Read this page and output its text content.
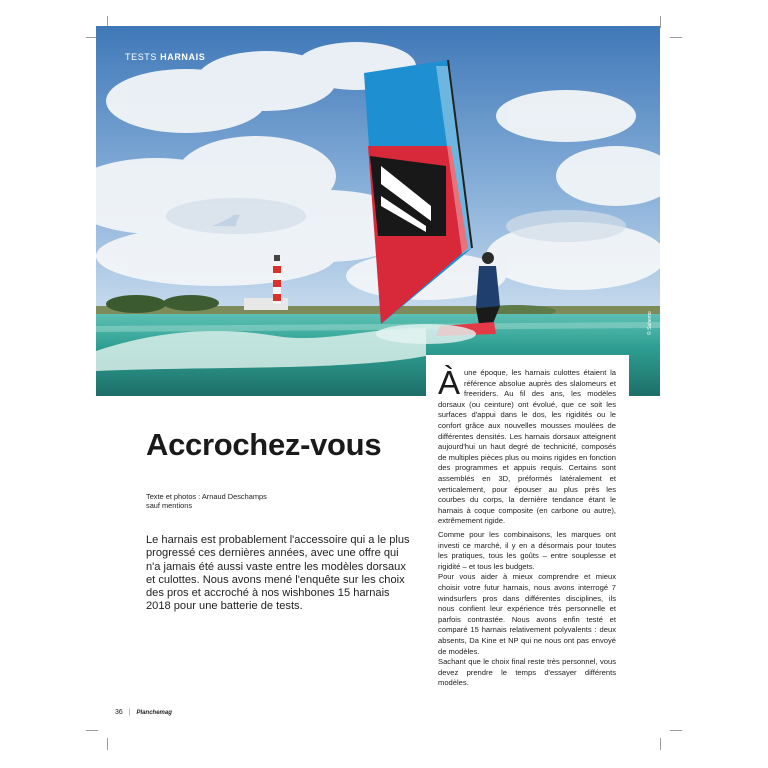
TESTS HARNAIS
© Sahemo
Accrochez-vous
Texte et photos : Arnaud Deschamps
sauf mentions

Le harnais est probablement l'accessoire qui a le plus progressé ces dernières années, avec une offre qui n'a jamais été aussi vaste entre les modèles dorsaux et culottes. Nous avons mené l'enquête sur les choix des pros et accroché à nos wishbones 15 harnais 2018 pour une batterie de tests.

À une époque, les harnais culottes étaient la référence absolue auprès des slalomeurs et freeriders. Au fil des ans, les modèles dorsaux (ou ceinture) ont évolué, que ce soit les surfaces d'appui dans le dos, les rigidités ou le confort grâce aux nouvelles mousses moulées de différentes densités. Les harnais dorsaux atteignent aujourd'hui un haut degré de technicité, composés de multiples pièces plus ou moins rigides en fonction des programmes et appuis requis. Certains sont assemblés en 3D, préformés latéralement et verticalement, pour épouser au plus près les courbes du corps, la dernière tendance étant le harnais à coque composite (en carbone ou autre), extrêmement rigide.

Comme pour les combinaisons, les marques ont investi ce marché, il y en a désormais pour toutes les pratiques, tous les goûts – entre souplesse et rigidité – et tous les budgets.

Pour vous aider à mieux comprendre et mieux choisir votre futur harnais, nous avons interrogé 7 windsurfers pros dans différentes disciplines, ils nous confient leur expérience très personnelle et parfois contrastée. Nous avons enfin testé et comparé 15 harnais relativement polyvalents : deux absents, Da Kine et NP qui ne nous ont pas envoyé de modèles.

Sachant que le choix final reste très personnel, vous devez prendre le temps d'essayer différents modèles.

36 | Planchemag
